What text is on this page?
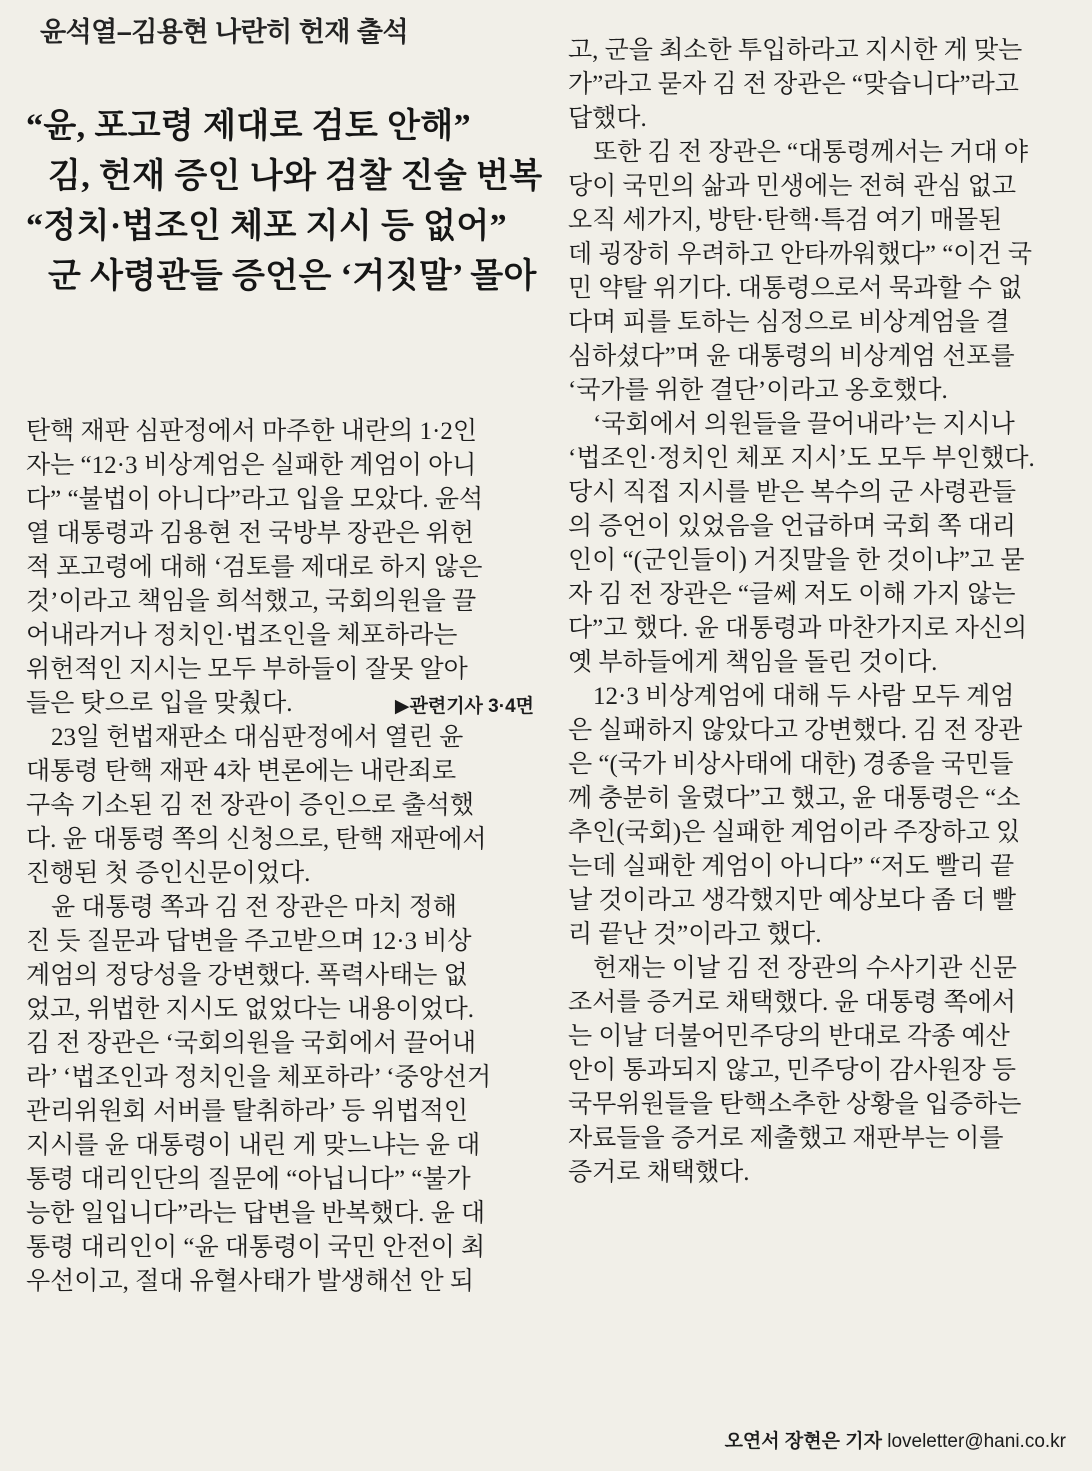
윤석열–김용현 나란히 헌재 출석
“윤, 포고령 제대로 검토 안해”
김, 헌재 증인 나와 검찰 진술 번복
“정치·법조인 체포 지시 등 없어”
군 사령관들 증언은 ‘거짓말’ 몰아
탄핵 재판 심판정에서 마주한 내란의 1·2인
자는 “12·3 비상계엄은 실패한 계엄이 아니
다” “불법이 아니다”라고 입을 모았다. 윤석
열 대통령과 김용현 전 국방부 장관은 위헌
적 포고령에 대해 ‘검토를 제대로 하지 않은
것’이라고 책임을 희석했고, 국회의원을 끌
어내라거나 정치인·법조인을 체포하라는
위헌적인 지시는 모두 부하들이 잘못 알아
들은 탓으로 입을 맞췄다.	▶관련기사 3·4면
23일 헌법재판소 대심판정에서 열린 윤
대통령 탄핵 재판 4차 변론에는 내란죄로
구속 기소된 김 전 장관이 증인으로 출석했
다. 윤 대통령 쪽의 신청으로, 탄핵 재판에서
진행된 첫 증인신문이었다.
윤 대통령 쪽과 김 전 장관은 마치 정해
진 듯 질문과 답변을 주고받으며 12·3 비상
계엄의 정당성을 강변했다. 폭력사태는 없
었고, 위법한 지시도 없었다는 내용이었다.
김 전 장관은 ‘국회의원을 국회에서 끌어내
라’ ‘법조인과 정치인을 체포하라’ ‘중앙선거
관리위원회 서버를 탈취하라’ 등 위법적인
지시를 윤 대통령이 내린 게 맞느냐는 윤 대
통령 대리인단의 질문에 “아닙니다” “불가
능한 일입니다”라는 답변을 반복했다. 윤 대
통령 대리인이 “윤 대통령이 국민 안전이 최
우선이고, 절대 유혈사태가 발생해선 안 되
고, 군을 최소한 투입하라고 지시한 게 맞는
가”라고 묻자 김 전 장관은 “맞습니다”라고
답했다.
또한 김 전 장관은 “대통령께서는 거대 야
당이 국민의 삶과 민생에는 전혀 관심 없고
오직 세가지, 방탄·탄핵·특검 여기 매몰된
데 굉장히 우려하고 안타까워했다” “이건 국
민 약탈 위기다. 대통령으로서 묵과할 수 없
다며 피를 토하는 심정으로 비상계엄을 결
심하셨다”며 윤 대통령의 비상계엄 선포를
‘국가를 위한 결단’이라고 옹호했다.
‘국회에서 의원들을 끌어내라’는 지시나
‘법조인·정치인 체포 지시’도 모두 부인했다.
당시 직접 지시를 받은 복수의 군 사령관들
의 증언이 있었음을 언급하며 국회 쪽 대리
인이 “(군인들이) 거짓말을 한 것이냐”고 묻
자 김 전 장관은 “글쎄 저도 이해 가지 않는
다”고 했다. 윤 대통령과 마찬가지로 자신의
옛 부하들에게 책임을 돌린 것이다.
12·3 비상계엄에 대해 두 사람 모두 계엄
은 실패하지 않았다고 강변했다. 김 전 장관
은 “(국가 비상사태에 대한) 경종을 국민들
께 충분히 울렸다”고 했고, 윤 대통령은 “소
추인(국회)은 실패한 계엄이라 주장하고 있
는데 실패한 계엄이 아니다” “저도 빨리 끝
날 것이라고 생각했지만 예상보다 좀 더 빨
리 끝난 것”이라고 했다.
헌재는 이날 김 전 장관의 수사기관 신문
조서를 증거로 채택했다. 윤 대통령 쪽에서
는 이날 더불어민주당의 반대로 각종 예산
안이 통과되지 않고, 민주당이 감사원장 등
국무위원들을 탄핵소추한 상황을 입증하는
자료들을 증거로 제출했고 재판부는 이를
증거로 채택했다.
오연서 장현은 기자 loveletter@hani.co.kr
